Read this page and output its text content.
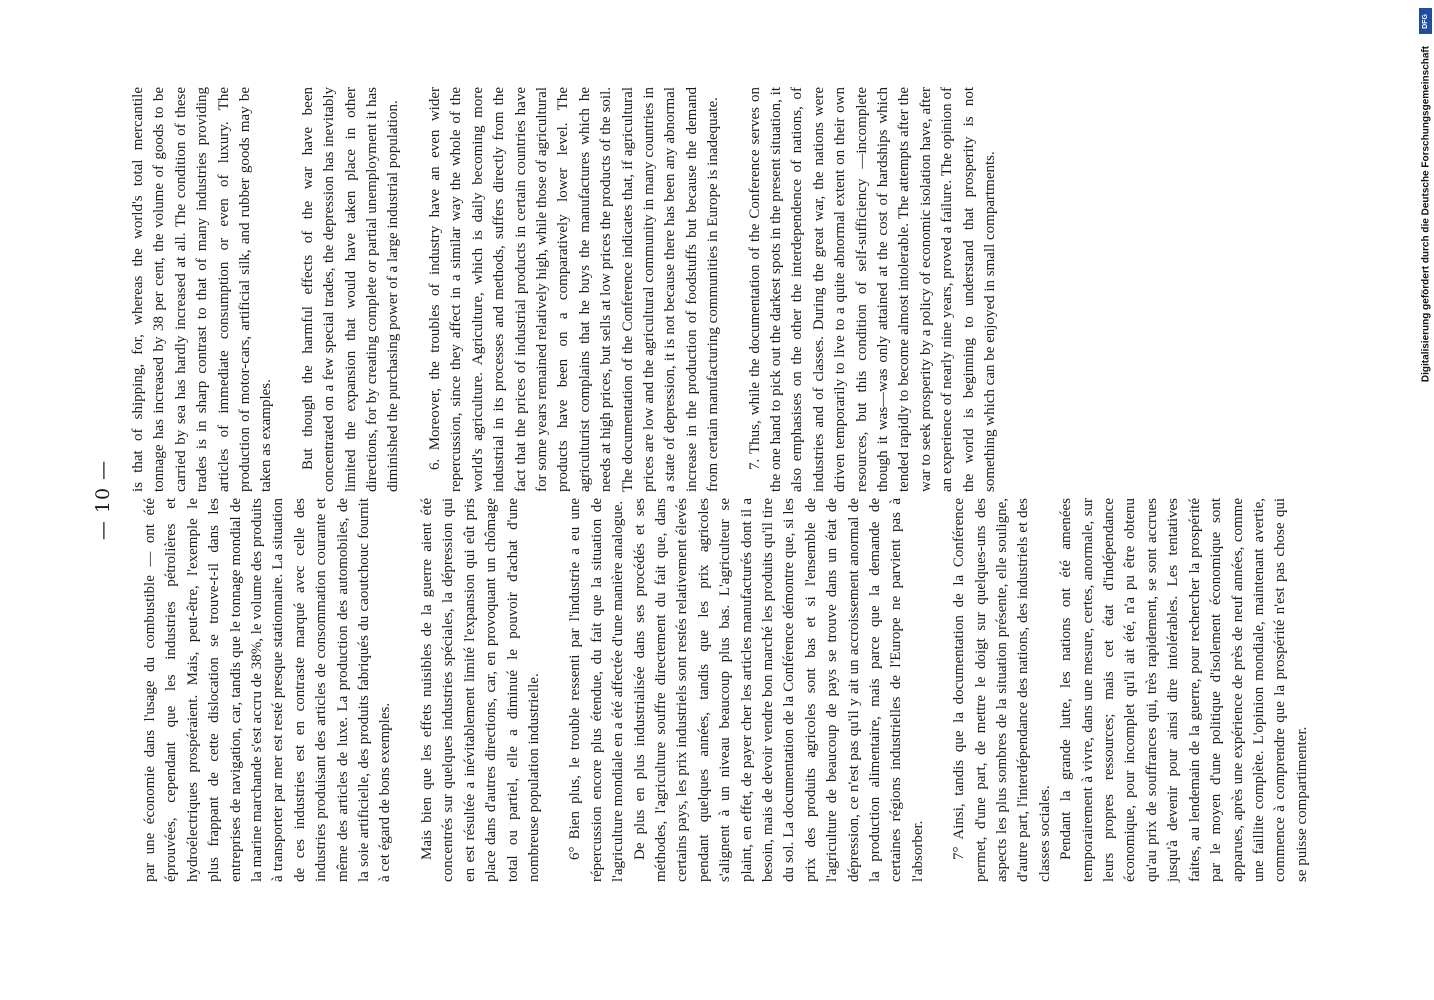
— 10 — par une économie dans l'usage du combustible — ont été éprouvées, cependant que les industries pétrolières et hydroélectriques prospéraient. Mais, peut-être, l'exemple le plus frappant de cette dislocation se trouve-t-il dans les entreprises de navigation, car, tandis que le tonnage mondial de la marine marchande s'est accru de 38%, le volume des produits à transporter par mer est resté presque stationnaire. La situation de ces industries est en contraste marqué avec celle des industries produisant des articles de consommation courante et même des articles de luxe. La production des automobiles, de la soie artificielle, des produits fabriqués du caoutchouc fournit à cet égard de bons exemples. Mais bien que les effets nuisibles de la guerre aient été concentrés sur quelques industries spéciales, la dépression qui en est résultée a inévitablement limité l'expansion qui eût pris place dans d'autres directions, car, en provoquant un chômage total ou partiel, elle a diminué le pouvoir d'achat d'une nombreuse population industrielle. 6° Bien plus, le trouble ressenti par l'industrie a eu une répercussion encore plus étendue, du fait que la situation de l'agriculture mondiale en a été affectée d'une manière analogue. De plus en plus industrialisée dans ses procédés et ses méthodes, l'agriculture souffre directement du fait que, dans certains pays, les prix industriels sont restés relativement élevés pendant quelques années, tandis que les prix agricoles s'alignent à un niveau beaucoup plus bas. L'agriculteur se plaint, en effet, de payer cher les articles manufacturés dont il a besoin, mais de devoir vendre bon marché les produits qu'il tire du sol. La documentation de la Conférence démontre que, si les prix des produits agricoles sont bas et si l'ensemble de l'agriculture de beaucoup de pays se trouve dans un état de dépression, ce n'est pas qu'il y ait un accroissement anormal de la production alimentaire, mais parce que la demande de certaines régions industrielles de l'Europe ne parvient pas à l'absorber. 7° Ainsi, tandis que la documentation de la Conférence permet, d'une part, de mettre le doigt sur quelques-uns des aspects les plus sombres de la situation présente, elle souligne, d'autre part, l'interdépendance des nations, des industriels et des classes sociales. Pendant la grande lutte, les nations ont été amenées temporairement à vivre, dans une mesure, certes, anormale, sur leurs propres ressources; mais cet état d'indépendance économique, pour incomplet qu'il ait été, n'a pu être obtenu qu'au prix de souffrances qui, très rapidement, se sont accrues jusqu'à devenir pour ainsi dire intolérables. Les tentatives faites, au lendemain de la guerre, pour rechercher la prospérité par le moyen d'une politique d'isolement économique sont apparues, après une expérience de près de neuf années, comme une faillite complète. L'opinion mondiale, maintenant avertie, commence à comprendre que la prospérité n'est pas chose qui se puisse compartimenter.

is that of shipping, for, whereas the world's total mercantile tonnage has increased by 38 per cent, the volume of goods to be carried by sea has hardly increased at all. The condition of these trades is in sharp contrast to that of many industries providing articles of immediate consumption or even of luxury. The production of motor-cars, artificial silk, and rubber goods may be taken as examples. But though the harmful effects of the war have been concentrated on a few special trades, the depression has inevitably limited the expansion that would have taken place in other directions, for by creating complete or partial unemployment it has diminished the purchasing power of a large industrial population. 6. Moreover, the troubles of industry have an even wider repercussion, since they affect in a similar way the whole of the world's agriculture. Agriculture, which is daily becoming more industrial in its processes and methods, suffers directly from the fact that the prices of industrial products in certain countries have for some years remained relatively high, while those of agricultural products have been on a comparatively lower level. The agriculturist complains that he buys the manufactures which he needs at high prices, but sells at low prices the products of the soil. The documentation of the Conference indicates that, if agricultural prices are low and the agricultural community in many countries in a state of depression, it is not because there has been any abnormal increase in the production of foodstuffs but because the demand from certain manufacturing communities in Europe is inadequate. 7. Thus, while the documentation of the Conference serves on the one hand to pick out the darkest spots in the present situation, it also emphasises on the other the interdependence of nations, of industries and of classes. During the great war, the nations were driven temporarily to live to a quite abnormal extent on their own resources, but this condition of self-sufficiency —incomplete though it was—was only attained at the cost of hardships which tended rapidly to become almost intolerable. The attempts after the war to seek prosperity by a policy of economic isolation have, after an experience of nearly nine years, proved a failure. The opinion of the world is beginning to understand that prosperity is not something which can be enjoyed in small compartments.

DFG
Digitalisierung gefördert durch die Deutsche Forschungsgemeinschaft
